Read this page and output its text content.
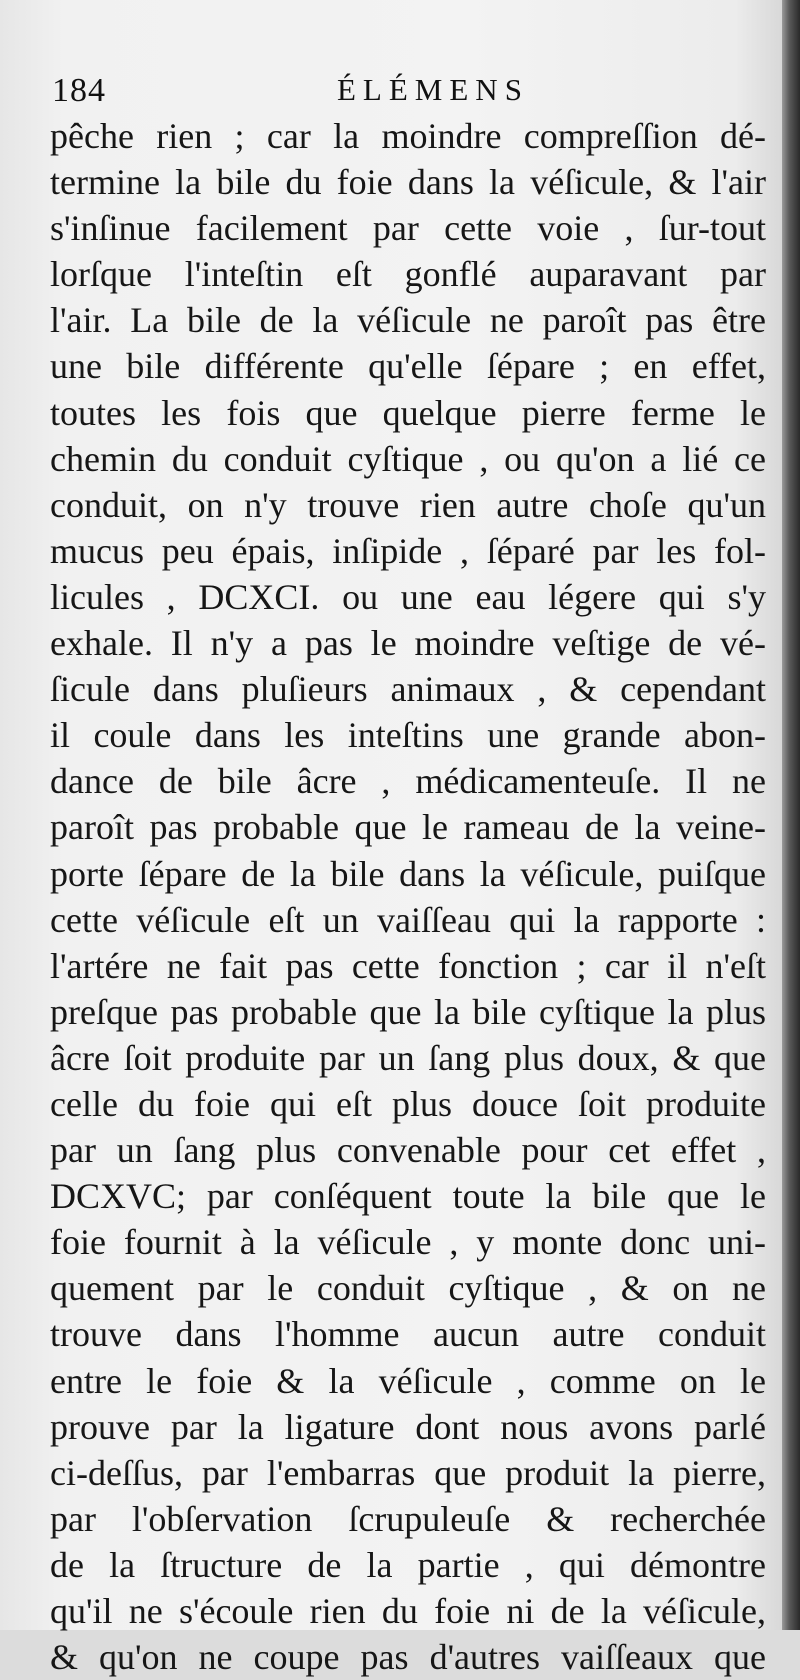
184	ÉLÉMENS
pêche rien ; car la moindre compreſſion dé-
termine la bile du foie dans la véſicule, & l'air
s'inſinue facilement par cette voie , ſur-tout
lorſque l'inteſtin eſt gonflé auparavant par
l'air. La bile de la véſicule ne paroît pas être
une bile différente qu'elle ſépare ; en effet,
toutes les fois que quelque pierre ferme le
chemin du conduit cyſtique , ou qu'on a lié ce
conduit, on n'y trouve rien autre choſe qu'un
mucus peu épais, inſipide , ſéparé par les fol-
licules , DCXCI. ou une eau légere qui s'y
exhale. Il n'y a pas le moindre veſtige de vé-
ſicule dans pluſieurs animaux , & cependant
il coule dans les inteſtins une grande abon-
dance de bile âcre , médicamenteuſe. Il ne
paroît pas probable que le rameau de la veine-
porte ſépare de la bile dans la véſicule, puiſque
cette véſicule eſt un vaiſſeau qui la rapporte :
l'artére ne fait pas cette fonction ; car il n'eſt
preſque pas probable que la bile cyſtique la plus
âcre ſoit produite par un ſang plus doux, & que
celle du foie qui eſt plus douce ſoit produite
par un ſang plus convenable pour cet effet ,
DCXVC; par conſéquent toute la bile que le
foie fournit à la véſicule , y monte donc uni-
quement par le conduit cyſtique , & on ne
trouve dans l'homme aucun autre conduit
entre le foie & la véſicule , comme on le
prouve par la ligature dont nous avons parlé
ci-deſſus, par l'embarras que produit la pierre,
par l'obſervation ſcrupuleuſe & recherchée
de la ſtructure de la partie , qui démontre
qu'il ne s'écoule rien du foie ni de la véſicule,
& qu'on ne coupe pas d'autres vaiſſeaux que
